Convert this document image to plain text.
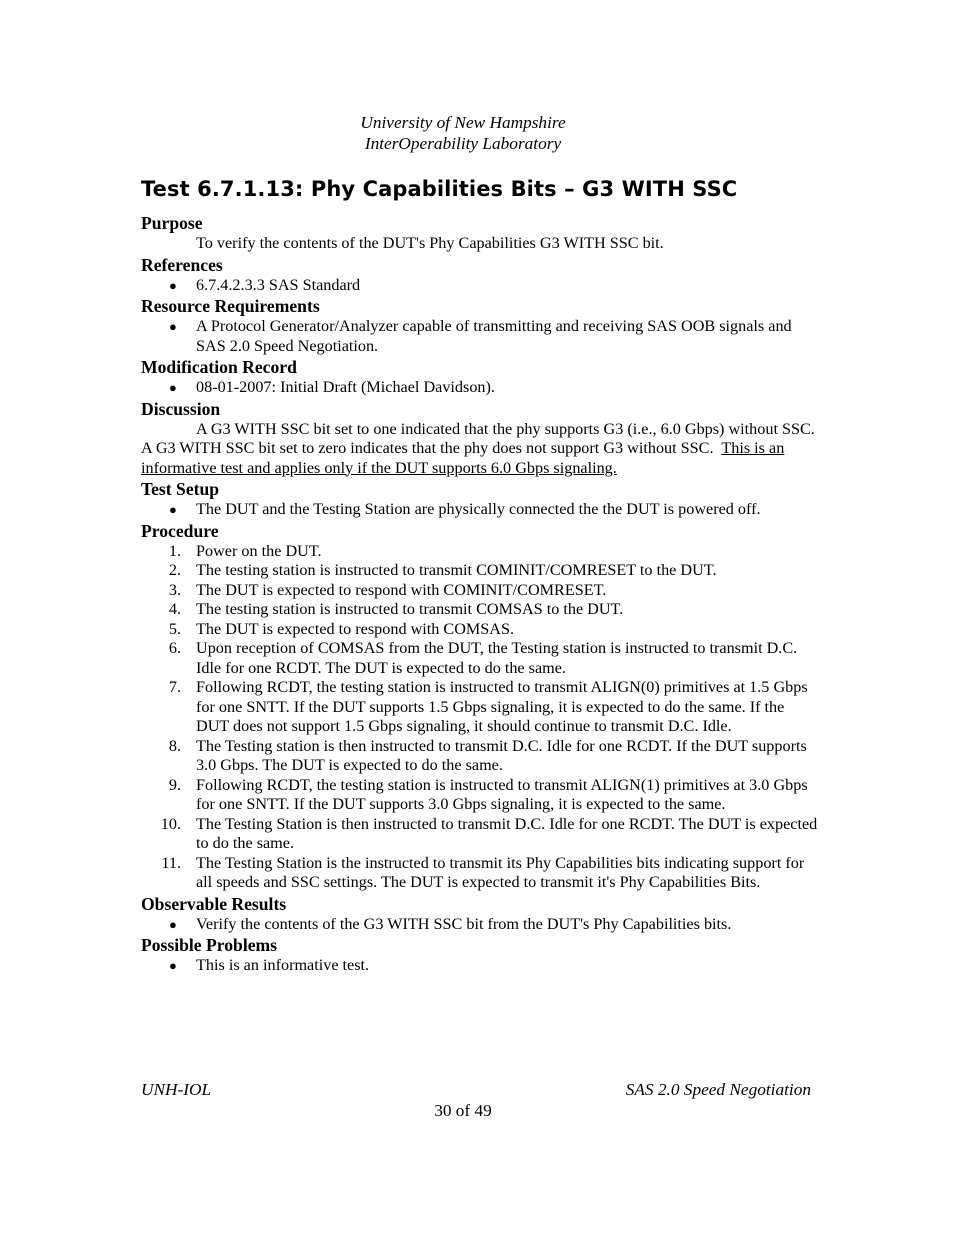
University of New Hampshire
InterOperability Laboratory
Test 6.7.1.13: Phy Capabilities Bits – G3 WITH SSC
Purpose
To verify the contents of the DUT's Phy Capabilities G3 WITH SSC bit.
References
● 6.7.4.2.3.3 SAS Standard
Resource Requirements
● A Protocol Generator/Analyzer capable of transmitting and receiving SAS OOB signals and SAS 2.0 Speed Negotiation.
Modification Record
● 08-01-2007: Initial Draft (Michael Davidson).
Discussion
A G3 WITH SSC bit set to one indicated that the phy supports G3 (i.e., 6.0 Gbps) without SSC. A G3 WITH SSC bit set to zero indicates that the phy does not support G3 without SSC. This is an informative test and applies only if the DUT supports 6.0 Gbps signaling.
Test Setup
● The DUT and the Testing Station are physically connected the the DUT is powered off.
Procedure
1. Power on the DUT.
2. The testing station is instructed to transmit COMINIT/COMRESET to the DUT.
3. The DUT is expected to respond with COMINIT/COMRESET.
4. The testing station is instructed to transmit COMSAS to the DUT.
5. The DUT is expected to respond with COMSAS.
6. Upon reception of COMSAS from the DUT, the Testing station is instructed to transmit D.C. Idle for one RCDT. The DUT is expected to do the same.
7. Following RCDT, the testing station is instructed to transmit ALIGN(0) primitives at 1.5 Gbps for one SNTT. If the DUT supports 1.5 Gbps signaling, it is expected to do the same. If the DUT does not support 1.5 Gbps signaling, it should continue to transmit D.C. Idle.
8. The Testing station is then instructed to transmit D.C. Idle for one RCDT. If the DUT supports 3.0 Gbps. The DUT is expected to do the same.
9. Following RCDT, the testing station is instructed to transmit ALIGN(1) primitives at 3.0 Gbps for one SNTT. If the DUT supports 3.0 Gbps signaling, it is expected to the same.
10. The Testing Station is then instructed to transmit D.C. Idle for one RCDT. The DUT is expected to do the same.
11. The Testing Station is the instructed to transmit its Phy Capabilities bits indicating support for all speeds and SSC settings. The DUT is expected to transmit it's Phy Capabilities Bits.
Observable Results
● Verify the contents of the G3 WITH SSC bit from the DUT's Phy Capabilities bits.
Possible Problems
● This is an informative test.
UNH-IOL	SAS 2.0 Speed Negotiation
30 of 49
